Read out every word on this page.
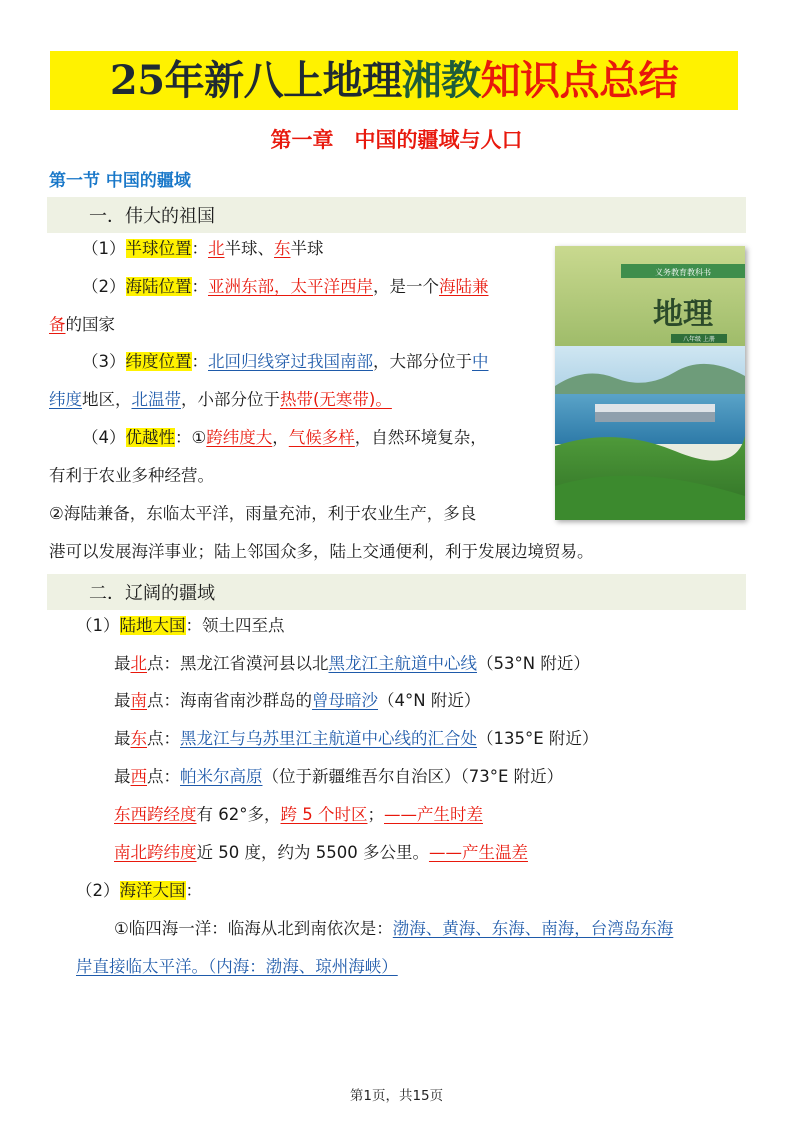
25年新八上地理 湘教 知识点总结
第一章　中国的疆域与人口
第一节 中国的疆域
一．伟大的祖国
（1）半球位置：北半球、东半球
（2）海陆位置：亚洲东部，太平洋西岸，是一个海陆兼
备的国家
（3）纬度位置：北回归线穿过我国南部，大部分位于中
纬度地区，北温带，小部分位于热带(无寒带)。
（4）优越性：①跨纬度大，气候多样，自然环境复杂，
有利于农业多种经营。
②海陆兼备，东临太平洋，雨量充沛，利于农业生产，多良
港可以发展海洋事业；陆上邻国众多，陆上交通便利，利于发展边境贸易。
义务教育教科书
地理
八年级 上册
二．辽阔的疆域
（1）陆地大国：领土四至点
最北点：黑龙江省漠河县以北黑龙江主航道中心线（53°N 附近）
最南点：海南省南沙群岛的曾母暗沙（4°N 附近）
最东点：黑龙江与乌苏里江主航道中心线的汇合处（135°E 附近）
最西点：帕米尔高原（位于新疆维吾尔自治区）（73°E 附近）
东西跨经度有 62°多，跨 5 个时区；——产生时差
南北跨纬度近 50 度，约为 5500 多公里。——产生温差
（2）海洋大国：
①临四海一洋：临海从北到南依次是：渤海、黄海、东海、南海，台湾岛东海
岸直接临太平洋。（内海：渤海、琼州海峡）
第1页，共15页
